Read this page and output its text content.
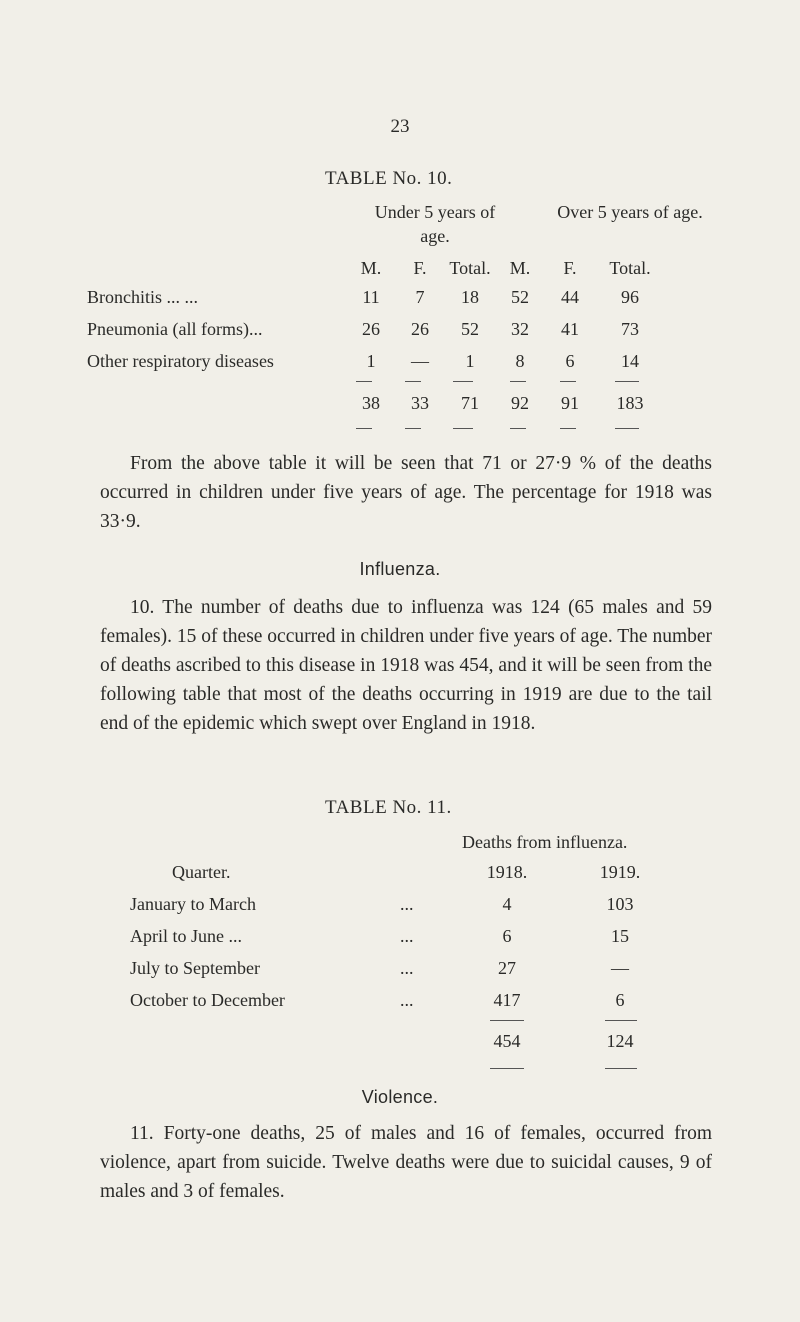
23
TABLE No. 10.
Under 5 years of age.
Over 5 years of age.
M.	F.	Total.	M.	F.	Total.
Bronchitis ... ...	11	7	18	52	44	96
Pneumonia (all forms)...	26	26	52	32	41	73
Other respiratory diseases	1	—	1	8	6	14
38	33	71	92	91	183
From the above table it will be seen that 71 or 27·9 % of the deaths occurred in children under five years of age. The percentage for 1918 was 33·9.
Influenza.
10. The number of deaths due to influenza was 124 (65 males and 59 females). 15 of these occurred in children under five years of age. The number of deaths ascribed to this disease in 1918 was 454, and it will be seen from the following table that most of the deaths occurring in 1919 are due to the tail end of the epidemic which swept over England in 1918.
TABLE No. 11.
Deaths from influenza.
Quarter.	1918.	1919.
January to March	...	4	103
April to June ...	...	6	15
July to September	...	27	—
October to December	...	417	6
454	124
Violence.
11. Forty-one deaths, 25 of males and 16 of females, occurred from violence, apart from suicide. Twelve deaths were due to suicidal causes, 9 of males and 3 of females.
